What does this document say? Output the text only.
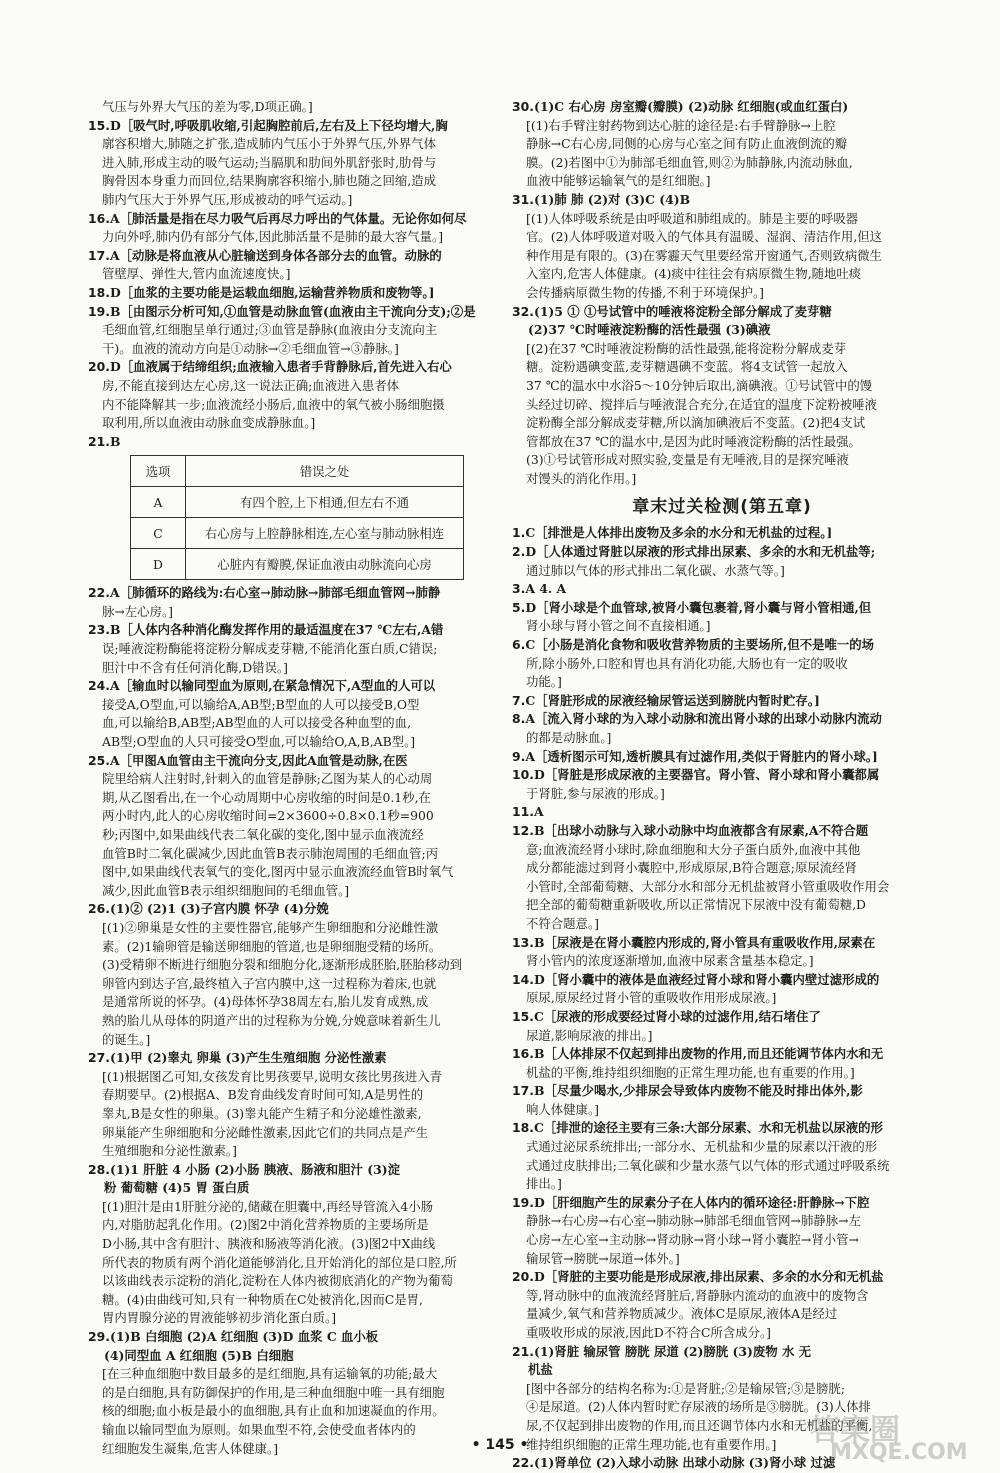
气压与外界大气压的差为零,D项正确。]
15.D［吸气时,呼吸肌收缩,引起胸腔前后,左右及上下径均增大,胸
廓容积增大,肺随之扩张,造成肺内气压小于外界气压,外界气体
进入肺,形成主动的吸气运动;当膈肌和肋间外肌舒张时,肋骨与
胸骨因本身重力而回位,结果胸廓容积缩小,肺也随之回缩,造成
肺内气压大于外界气压,形成被动的呼气运动。]
16.A［肺活量是指在尽力吸气后再尽力呼出的气体量。无论你如何尽
力向外呼,肺内仍有部分气体,因此肺活量不是肺的最大容气量。]
17.A［动脉是将血液从心脏输送到身体各部分去的血管。动脉的
管壁厚、弹性大,管内血流速度快。]
18.D［血浆的主要功能是运载血细胞,运输营养物质和废物等。]
19.B［由图示分析可知,①血管是动脉血管(血液由主干流向分支);②是
毛细血管,红细胞呈单行通过;③血管是静脉(血液由分支流向主
干)。血液的流动方向是①动脉→②毛细血管→③静脉。]
20.D［血液属于结缔组织;血液输入患者手背静脉后,首先进入右心
房,不能直接到达左心房,这一说法正确;血液进入患者体
内不能降解其一步;血液流经小肠后,血液中的氧气被小肠细胞摄
取利用,所以血液由动脉血变成静脉血。]
21.B
选项	错误之处
A	有四个腔,上下相通,但左右不通
C	右心房与上腔静脉相连,左心室与肺动脉相连
D	心脏内有瓣膜,保证血液由动脉流向心房
22.A［肺循环的路线为:右心室→肺动脉→肺部毛细血管网→肺静
脉→左心房。]
23.B［人体内各种消化酶发挥作用的最适温度在37 ℃左右,A错
误;唾液淀粉酶能将淀粉分解成麦芽糖,不能消化蛋白质,C错误;
胆汁中不含有任何消化酶,D错误。]
24.A［输血时以输同型血为原则,在紧急情况下,A型血的人可以
接受A,O型血,可以输给A,AB型;B型血的人可以接受B,O型
血,可以输给B,AB型;AB型血的人可以接受各种血型的血,
AB型;O型血的人只可接受O型血,可以输给O,A,B,AB型。]
25.A［甲图A血管由主干流向分支,因此A血管是动脉,在医
院里给病人注射时,针刺入的血管是静脉;乙图为某人的心动周
期,从乙图看出,在一个心动周期中心房收缩的时间是0.1秒,在
两小时内,此人的心房收缩时间=2×3600÷0.8×0.1秒=900
秒;丙图中,如果曲线代表二氧化碳的变化,图中显示血液流经
血管B时二氧化碳减少,因此血管B表示肺泡周围的毛细血管;丙
图中,如果曲线代表氧气的变化,图丙中显示血液流经血管B时氧气
减少,因此血管B表示组织细胞间的毛细血管。]
26.(1)② (2)1 (3)子宫内膜 怀孕 (4)分娩
[(1)②卵巢是女性的主要性器官,能够产生卵细胞和分泌雌性激
素。(2)1输卵管是输送卵细胞的管道,也是卵细胞受精的场所。
(3)受精卵不断进行细胞分裂和细胞分化,逐渐形成胚胎,胚胎移动到
卵管内到达子宫,最终植入子宫内膜中,这一过程称为着床,也就
是通常所说的怀孕。(4)母体怀孕38周左右,胎儿发育成熟,成
熟的胎儿从母体的阴道产出的过程称为分娩,分娩意味着新生儿
的诞生。]
27.(1)甲 (2)睾丸 卵巢 (3)产生生殖细胞 分泌性激素
[(1)根据图乙可知,女孩发育比男孩要早,说明女孩比男孩进入青
春期要早。(2)根据A、B发育曲线发育时间可知,A是男性的
睾丸,B是女性的卵巢。(3)睾丸能产生精子和分泌雄性激素,
卵巢能产生卵细胞和分泌雌性激素,因此它们的共同点是产生
生殖细胞和分泌性激素。]
28.(1)1 肝脏 4 小肠 (2)小肠 胰液、肠液和胆汁 (3)淀
粉 葡萄糖 (4)5 胃 蛋白质
[(1)胆汁是由1肝脏分泌的,储藏在胆囊中,再经导管流入4小肠
内,对脂肪起乳化作用。(2)图2中消化营养物质的主要场所是
D小肠,其中含有胆汁、胰液和肠液等消化液。(3)图2中X曲线
所代表的物质有两个消化道能够消化,且开始消化的部位是口腔,所
以该曲线表示淀粉的消化,淀粉在人体内被彻底消化的产物为葡萄
糖。(4)由曲线可知,只有一种物质在C处被消化,因而C是胃,
胃内胃腺分泌的胃液能够初步消化蛋白质。]
29.(1)B 白细胞 (2)A 红细胞 (3)D 血浆 C 血小板
(4)同型血 A 红细胞 (5)B 白细胞
[在三种血细胞中数目最多的是红细胞,具有运输氧的功能;最大
的是白细胞,具有防御保护的作用,是三种血细胞中唯一具有细胞
核的细胞;血小板是最小的血细胞,具有止血和加速凝血的作用。
输血以输同型血为原则。如果血型不符,会使受血者体内的
红细胞发生凝集,危害人体健康。]
30.(1)C 右心房 房室瓣(瓣膜) (2)动脉 红细胞(或血红蛋白)
[(1)右手臂注射药物到达心脏的途径是:右手臂静脉→上腔
静脉→C右心房,同侧的心房与心室之间有防止血液倒流的瓣
膜。(2)若图中①为肺部毛细血管,则②为肺静脉,内流动脉血,
血液中能够运输氧气的是红细胞。]
31.(1)肺 肺 (2)对 (3)C (4)B
[(1)人体呼吸系统是由呼吸道和肺组成的。肺是主要的呼吸器
官。(2)人体呼吸道对吸入的气体具有温暖、湿润、清洁作用,但这
种作用是有限的。(3)在雾霾天气里要经常开窗通气,否则致病微生
入室内,危害人体健康。(4)痰中往往会有病原微生物,随地吐痰
会传播病原微生物的传播,不利于环境保护。]
32.(1)5 ① ①号试管中的唾液将淀粉全部分解成了麦芽糖
(2)37 ℃时唾液淀粉酶的活性最强 (3)碘液
[(2)在37 ℃时唾液淀粉酶的活性最强,能将淀粉分解成麦芽
糖。淀粉遇碘变蓝,麦芽糖遇碘不变蓝。将4支试管一起放入
37 ℃的温水中水浴5～10分钟后取出,滴碘液。①号试管中的馒
头经过切碎、搅拌后与唾液混合充分,在适宜的温度下淀粉被唾液
淀粉酶全部分解成麦芽糖,所以滴加碘液后不变蓝。(2)把4支试
管都放在37 ℃的温水中,是因为此时唾液淀粉酶的活性最强。
(3)①号试管形成对照实验,变量是有无唾液,目的是探究唾液
对馒头的消化作用。]
章末过关检测(第五章)
1.C［排泄是人体排出废物及多余的水分和无机盐的过程。]
2.D［人体通过肾脏以尿液的形式排出尿素、多余的水和无机盐等;
通过肺以气体的形式排出二氧化碳、水蒸气等。]
3.A 4. A
5.D［肾小球是个血管球,被肾小囊包裹着,肾小囊与肾小管相通,但
肾小球与肾小管之间不直接相通。]
6.C［小肠是消化食物和吸收营养物质的主要场所,但不是唯一的场
所,除小肠外,口腔和胃也具有消化功能,大肠也有一定的吸收
功能。]
7.C［肾脏形成的尿液经输尿管运送到膀胱内暂时贮存。]
8.A［流入肾小球的为入球小动脉和流出肾小球的出球小动脉内流动
的都是动脉血。]
9.A［透析图示可知,透析膜具有过滤作用,类似于肾脏内的肾小球。]
10.D［肾脏是形成尿液的主要器官。肾小管、肾小球和肾小囊都属
于肾脏,参与尿液的形成。]
11.A
12.B［出球小动脉与入球小动脉中均血液都含有尿素,A不符合题
意;血液流经肾小球时,除血细胞和大分子蛋白质外,血液中其他
成分都能滤过到肾小囊腔中,形成原尿,B符合题意;原尿流经肾
小管时,全部葡萄糖、大部分水和部分无机盐被肾小管重吸收作用会
把全部的葡萄糖重新吸收,所以正常情况下尿液中没有葡萄糖,D
不符合题意。]
13.B［尿液是在肾小囊腔内形成的,肾小管具有重吸收作用,尿素在
肾小管内的浓度逐渐增加,血液中尿素含量基本稳定。]
14.D［肾小囊中的液体是血液经过肾小球和肾小囊内壁过滤形成的
原尿,原尿经过肾小管的重吸收作用形成尿液。]
15.C［尿液的形成要经过肾小球的过滤作用,结石堵住了
尿道,影响尿液的排出。]
16.B［人体排尿不仅起到排出废物的作用,而且还能调节体内水和无
机盐的平衡,维持组织细胞的正常生理功能,也有重要的作用。]
17.B［尽量少喝水,少排尿会导致体内废物不能及时排出体外,影
响人体健康。]
18.C［排泄的途径主要有三条:大部分尿素、水和无机盐以尿液的形
式通过泌尿系统排出;一部分水、无机盐和少量的尿素以汗液的形
式通过皮肤排出;二氧化碳和少量水蒸气以气体的形式通过呼吸系统
排出。]
19.D［肝细胞产生的尿素分子在人体内的循环途径:肝静脉→下腔
静脉→右心房→右心室→肺动脉→肺部毛细血管网→肺静脉→左
心房→左心室→主动脉→肾动脉→肾小球→肾小囊腔→肾小管→
输尿管→膀胱→尿道→体外。]
20.D［肾脏的主要功能是形成尿液,排出尿素、多余的水分和无机盐
等,肾动脉中的血液流经肾脏后,肾静脉内流动的血液中的废物含
量减少,氧气和营养物质减少。液体C是原尿,液体A是经过
重吸收形成的尿液,因此D不符合C所含成分。]
21.(1)肾脏 输尿管 膀胱 尿道 (2)膀胱 (3)废物 水 无
机盐
[图中各部分的结构名称为:①是肾脏;②是输尿管;③是膀胱;
④是尿道。(2)人体内暂时贮存尿液的场所是③膀胱。(3)人体排
尿,不仅起到排出废物的作用,而且还调节体内水和无机盐的平衡,
维持组织细胞的正常生理功能,也有重要作用。]
22.(1)肾单位 (2)入球小动脉 出球小动脉 (3)肾小球 过滤
• 145 •	答案圈
MXQE.COM
